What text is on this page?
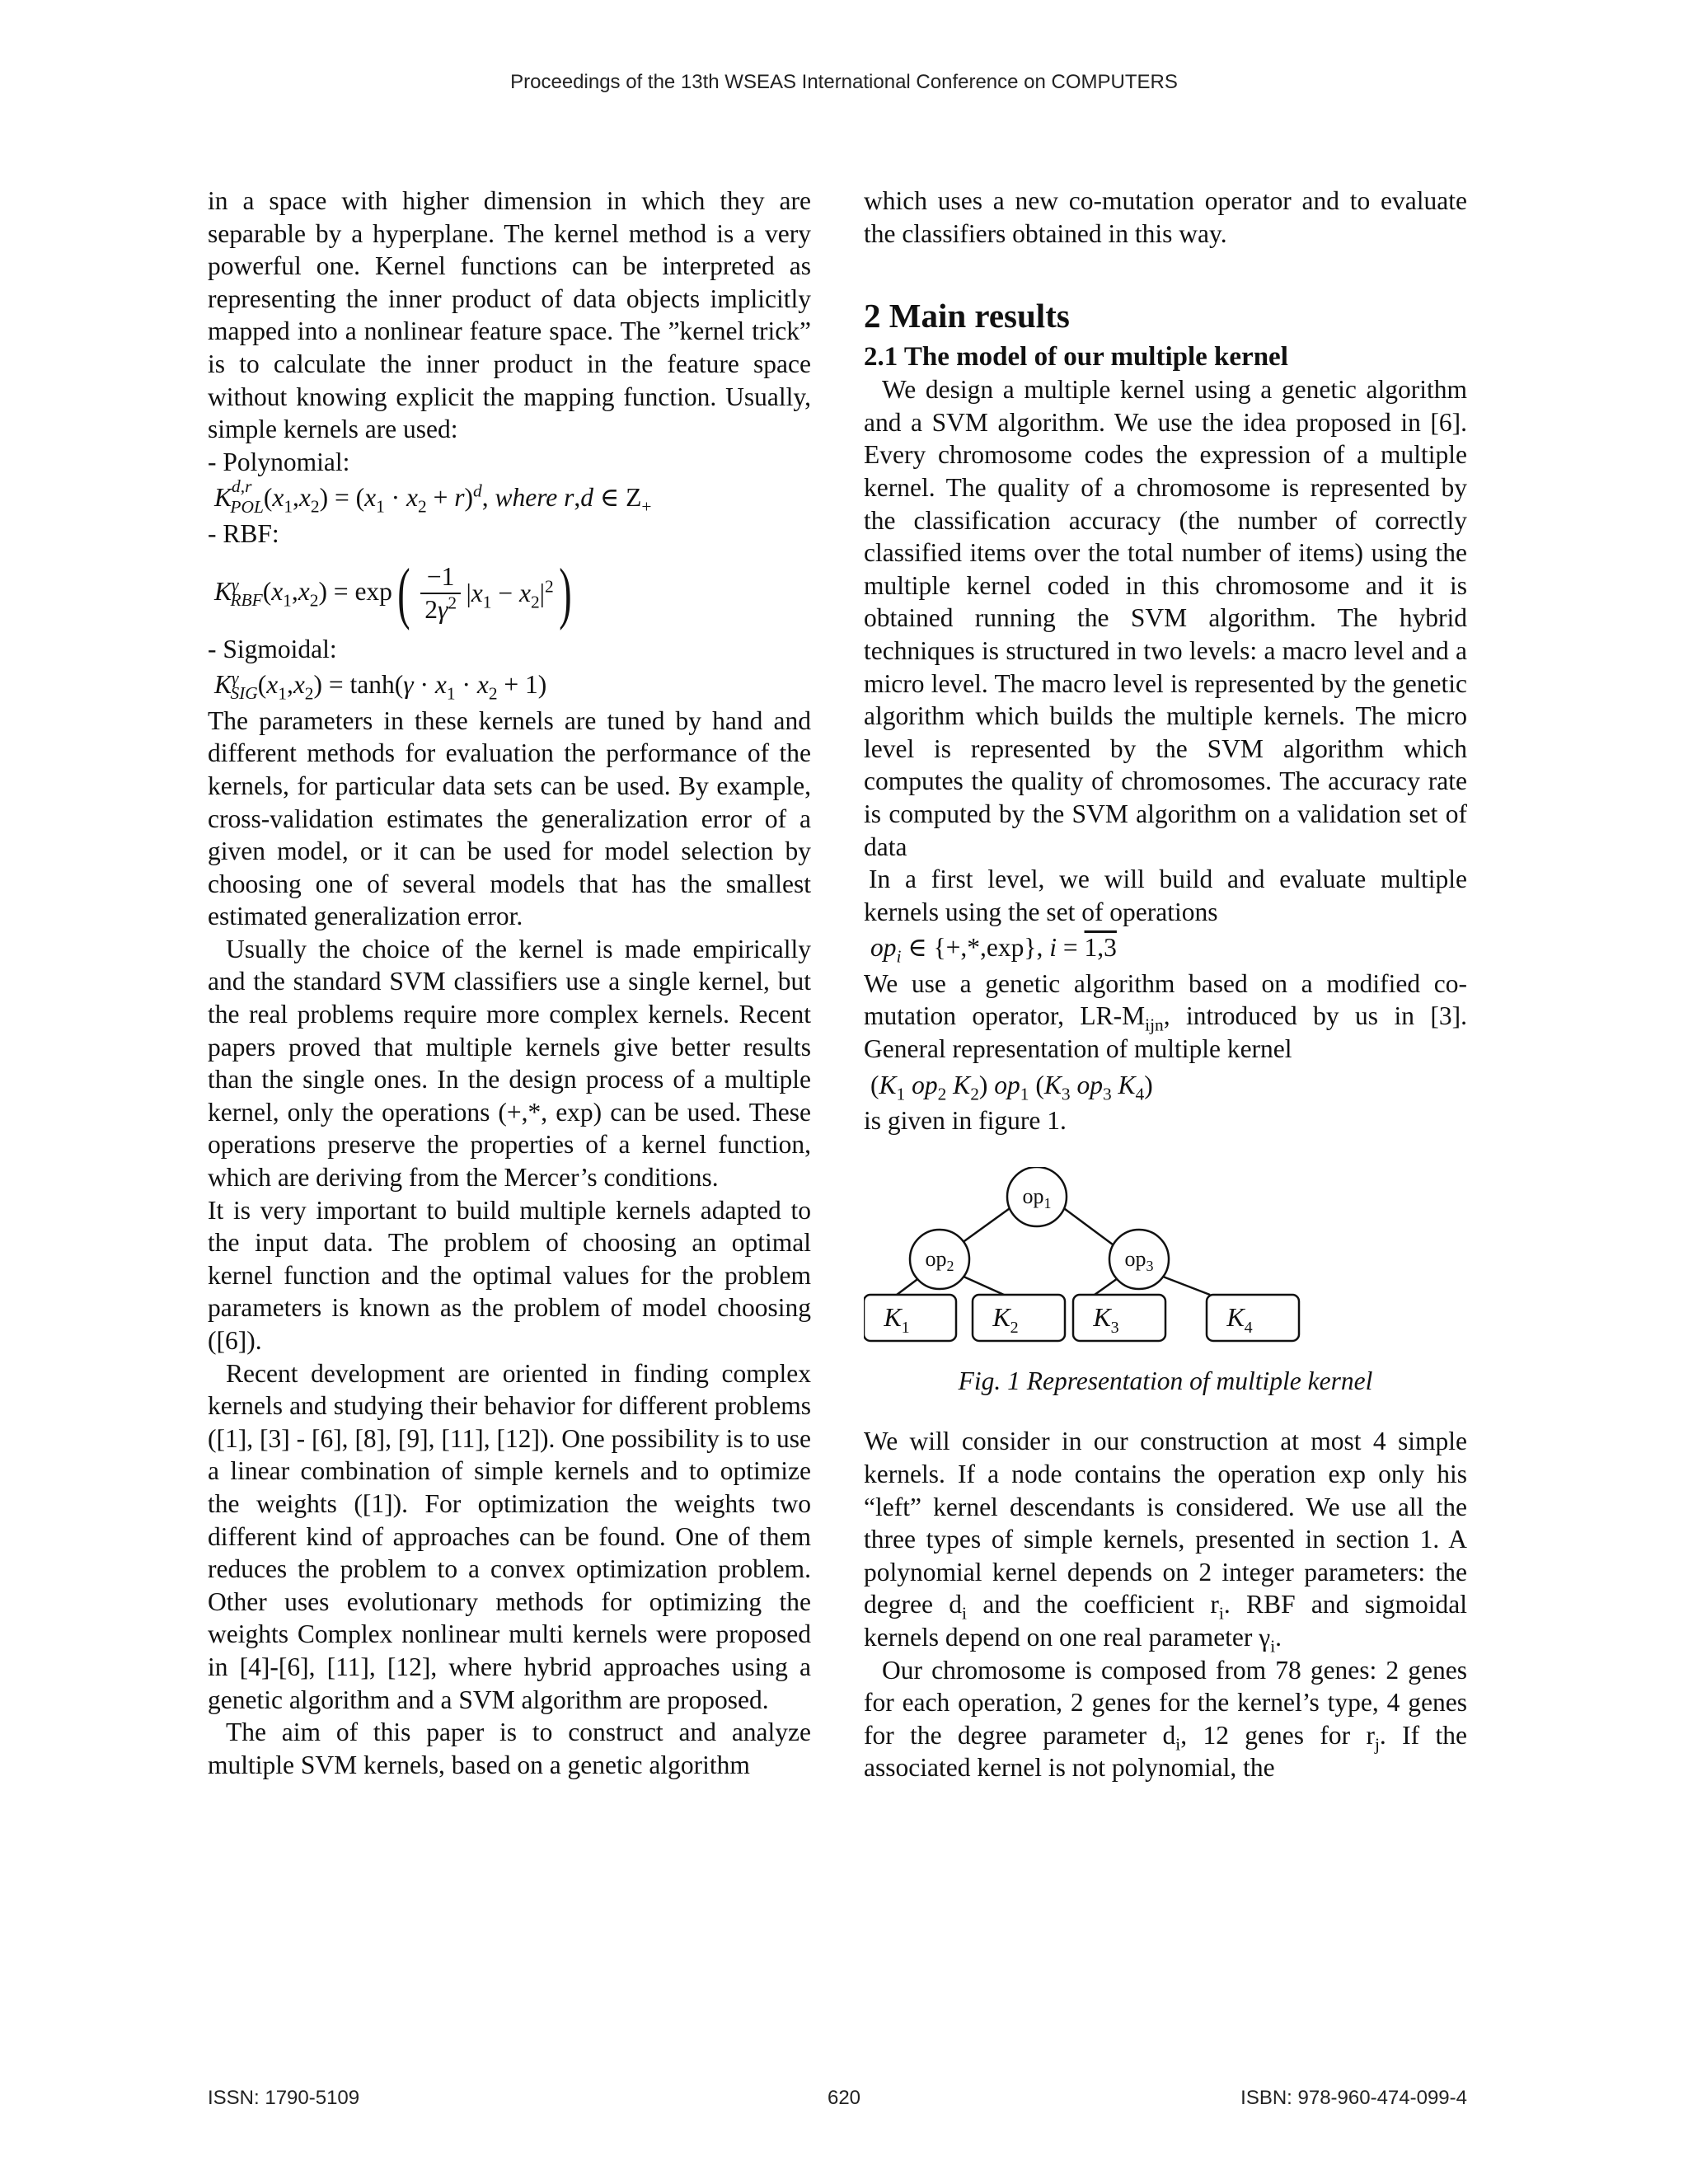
Proceedings of the 13th WSEAS International Conference on COMPUTERS

in a space with higher dimension in which they are separable by a hyperplane. The kernel method is a very powerful one. Kernel functions can be interpreted as representing the inner product of data objects implicitly mapped into a nonlinear feature space. The ”kernel trick” is to calculate the inner product in the feature space without knowing explicit the mapping function. Usually, simple kernels are used:

- Polynomial:

$K^{d,r}_{POL}(x_1,x_2) = (x_1 \cdot x_2 + r)^d$, where r,d ∈ $Z_+$

- RBF:

$K^\gamma_{RBF}(x_1,x_2) = \exp( \frac{-1}{2\gamma^2} |x_1 - x_2|^2)$

- Sigmoidal:

$K^\gamma_{SIG}(x_1,x_2) = \tanh(\gamma \cdot x_1 \cdot x_2 + 1)$

The parameters in these kernels are tuned by hand and different methods for evaluation the performance of the kernels, for particular data sets can be used. By example, cross-validation estimates the generalization error of a given model, or it can be used for model selection by choosing one of several models that has the smallest estimated generalization error.

Usually the choice of the kernel is made empirically and the standard SVM classifiers use a single kernel, but the real problems require more complex kernels. Recent papers proved that multiple kernels give better results than the single ones. In the design process of a multiple kernel, only the operations (+,*, exp) can be used. These operations preserve the properties of a kernel function, which are deriving from the Mercer’s conditions.

It is very important to build multiple kernels adapted to the input data. The problem of choosing an optimal kernel function and the optimal values for the problem parameters is known as the problem of model choosing ([6]).

Recent development are oriented in finding complex kernels and studying their behavior for different problems ([1], [3] - [6], [8], [9], [11], [12]). One possibility is to use a linear combination of simple kernels and to optimize the weights ([1]). For optimization the weights two different kind of approaches can be found. One of them reduces the problem to a convex optimization problem. Other uses evolutionary methods for optimizing the weights Complex nonlinear multi kernels were proposed in [4]-[6], [11], [12], where hybrid approaches using a genetic algorithm and a SVM algorithm are proposed.

The aim of this paper is to construct and analyze multiple SVM kernels, based on a genetic algorithm

which uses a new co-mutation operator and to evaluate the classifiers obtained in this way.

2 Main results

2.1 The model of our multiple kernel

We design a multiple kernel using a genetic algorithm and a SVM algorithm. We use the idea proposed in [6]. Every chromosome codes the expression of a multiple kernel. The quality of a chromosome is represented by the classification accuracy (the number of correctly classified items over the total number of items) using the multiple kernel coded in this chromosome and it is obtained running the SVM algorithm. The hybrid techniques is structured in two levels: a macro level and a micro level. The macro level is represented by the genetic algorithm which builds the multiple kernels. The micro level is represented by the SVM algorithm which computes the quality of chromosomes. The accuracy rate is computed by the SVM algorithm on a validation set of data

In a first level, we will build and evaluate multiple kernels using the set of operations

$op_i$ ∈ {+,*,exp}, i = 1,3

We use a genetic algorithm based on a modified co-mutation operator, $LR-M_{ijn}$, introduced by us in [3]. General representation of multiple kernel

($K_1$ $op_2$ $K_2$) $op_1$ ($K_3$ $op_3$ $K_4$)

is given in figure 1.

$op_1$
$op_2$	$op_3$
$K_1$	$K_2$	$K_3$	$K_4$

Fig. 1 Representation of multiple kernel

We will consider in our construction at most 4 simple kernels. If a node contains the operation exp only his “left” kernel descendants is considered. We use all the three types of simple kernels, presented in section 1. A polynomial kernel depends on 2 integer parameters: the degree $d_i$ and the coefficient $r_i$. RBF and sigmoidal kernels depend on one real parameter $\gamma_i$.

Our chromosome is composed from 78 genes: 2 genes for each operation, 2 genes for the kernel’s type, 4 genes for the degree parameter $d_i$, 12 genes for $r_j$. If the associated kernel is not polynomial, the

ISSN: 1790-5109	620	ISBN: 978-960-474-099-4
